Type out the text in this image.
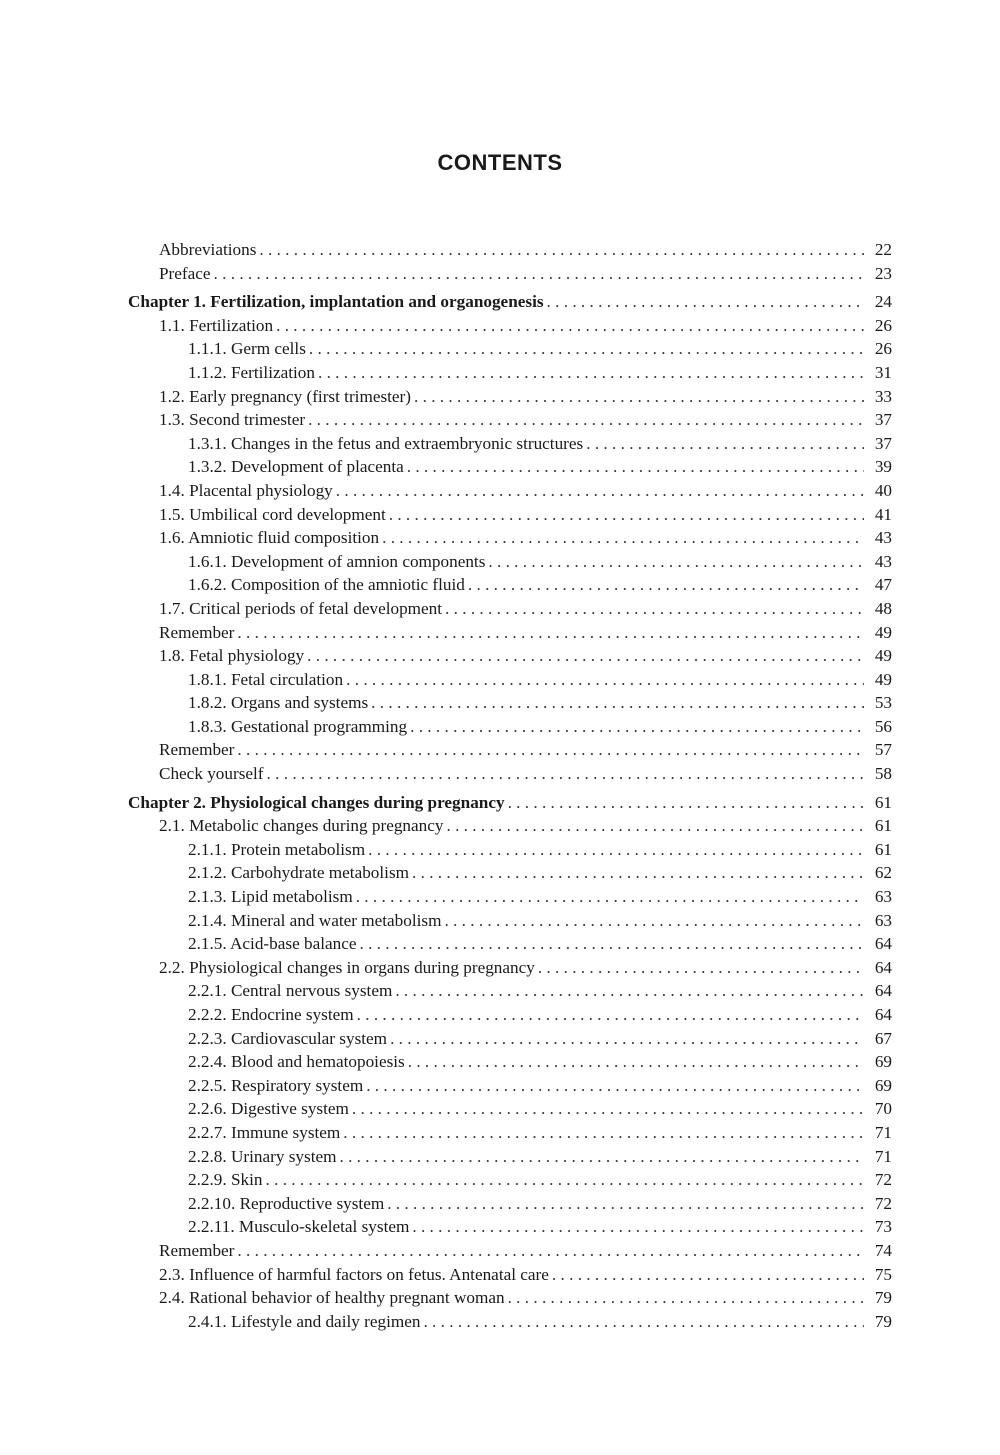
CONTENTS
Abbreviations . . .	22
Preface . . .	23
Chapter 1. Fertilization, implantation and organogenesis . . .	24
1.1. Fertilization . . .	26
1.1.1. Germ cells . . .	26
1.1.2. Fertilization . . .	31
1.2. Early pregnancy (first trimester) . . .	33
1.3. Second trimester . . .	37
1.3.1. Changes in the fetus and extraembryonic structures . . .	37
1.3.2. Development of placenta . . .	39
1.4. Placental physiology . . .	40
1.5. Umbilical cord development . . .	41
1.6. Amniotic fluid composition . . .	43
1.6.1. Development of amnion components . . .	43
1.6.2. Composition of the amniotic fluid . . .	47
1.7. Critical periods of fetal development . . .	48
Remember . . .	49
1.8. Fetal physiology . . .	49
1.8.1. Fetal circulation . . .	49
1.8.2. Organs and systems . . .	53
1.8.3. Gestational programming . . .	56
Remember . . .	57
Check yourself . . .	58
Chapter 2. Physiological changes during pregnancy . . .	61
2.1. Metabolic changes during pregnancy . . .	61
2.1.1. Protein metabolism . . .	61
2.1.2. Carbohydrate metabolism . . .	62
2.1.3. Lipid metabolism . . .	63
2.1.4. Mineral and water metabolism . . .	63
2.1.5. Acid-base balance . . .	64
2.2. Physiological changes in organs during pregnancy . . .	64
2.2.1. Central nervous system . . .	64
2.2.2. Endocrine system . . .	64
2.2.3. Cardiovascular system . . .	67
2.2.4. Blood and hematopoiesis . . .	69
2.2.5. Respiratory system . . .	69
2.2.6. Digestive system . . .	70
2.2.7. Immune system . . .	71
2.2.8. Urinary system . . .	71
2.2.9. Skin . . .	72
2.2.10. Reproductive system . . .	72
2.2.11. Musculo-skeletal system . . .	73
Remember . . .	74
2.3. Influence of harmful factors on fetus. Antenatal care . . .	75
2.4. Rational behavior of healthy pregnant woman . . .	79
2.4.1. Lifestyle and daily regimen . . .	79
